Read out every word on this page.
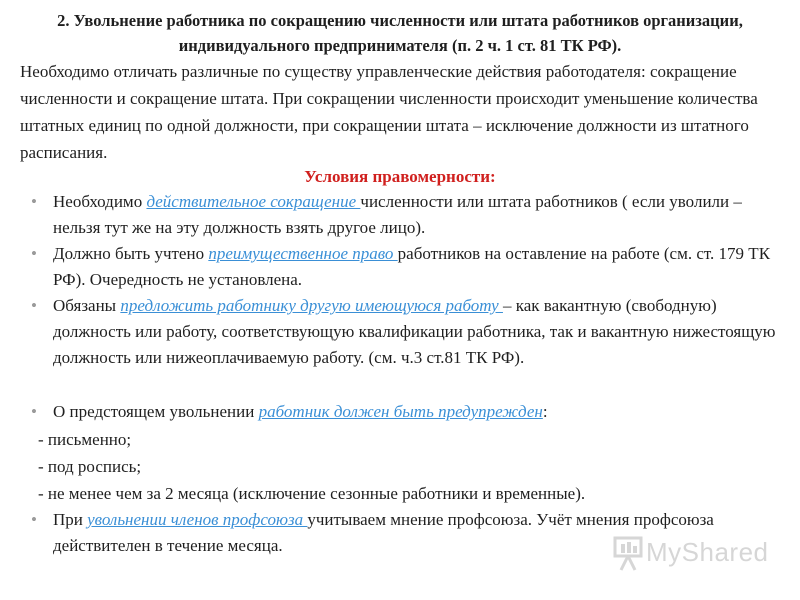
2. Увольнение работника по сокращению численности или штата работников организации, индивидуального предпринимателя (п. 2 ч. 1 ст. 81 ТК РФ).
Необходимо отличать различные по существу управленческие действия работодателя: сокращение численности и сокращение штата. При сокращении численности происходит уменьшение количества штатных единиц по одной должности, при сокращении штата – исключение должности из штатного расписания.
Условия правомерности:
• Необходимо действительное сокращение численности или штата работников ( если уволили – нельзя тут же на эту должность взять другое лицо).
• Должно быть учтено преимущественное право работников на оставление на работе (см. ст. 179 ТК РФ). Очередность не установлена.
• Обязаны предложить работнику другую имеющуюся работу – как вакантную (свободную) должность или работу, соответствующую квалификации работника, так и вакантную нижестоящую должность или нижеоплачиваемую работу. (см. ч.3 ст.81 ТК РФ).
• О предстоящем увольнении работник должен быть предупрежден:
- письменно;
- под роспись;
- не менее чем за 2 месяца (исключение сезонные работники и временные).
• При увольнении членов профсоюза учитываем мнение профсоюза. Учёт мнения профсоюза действителен в течение месяца.	MyShared
